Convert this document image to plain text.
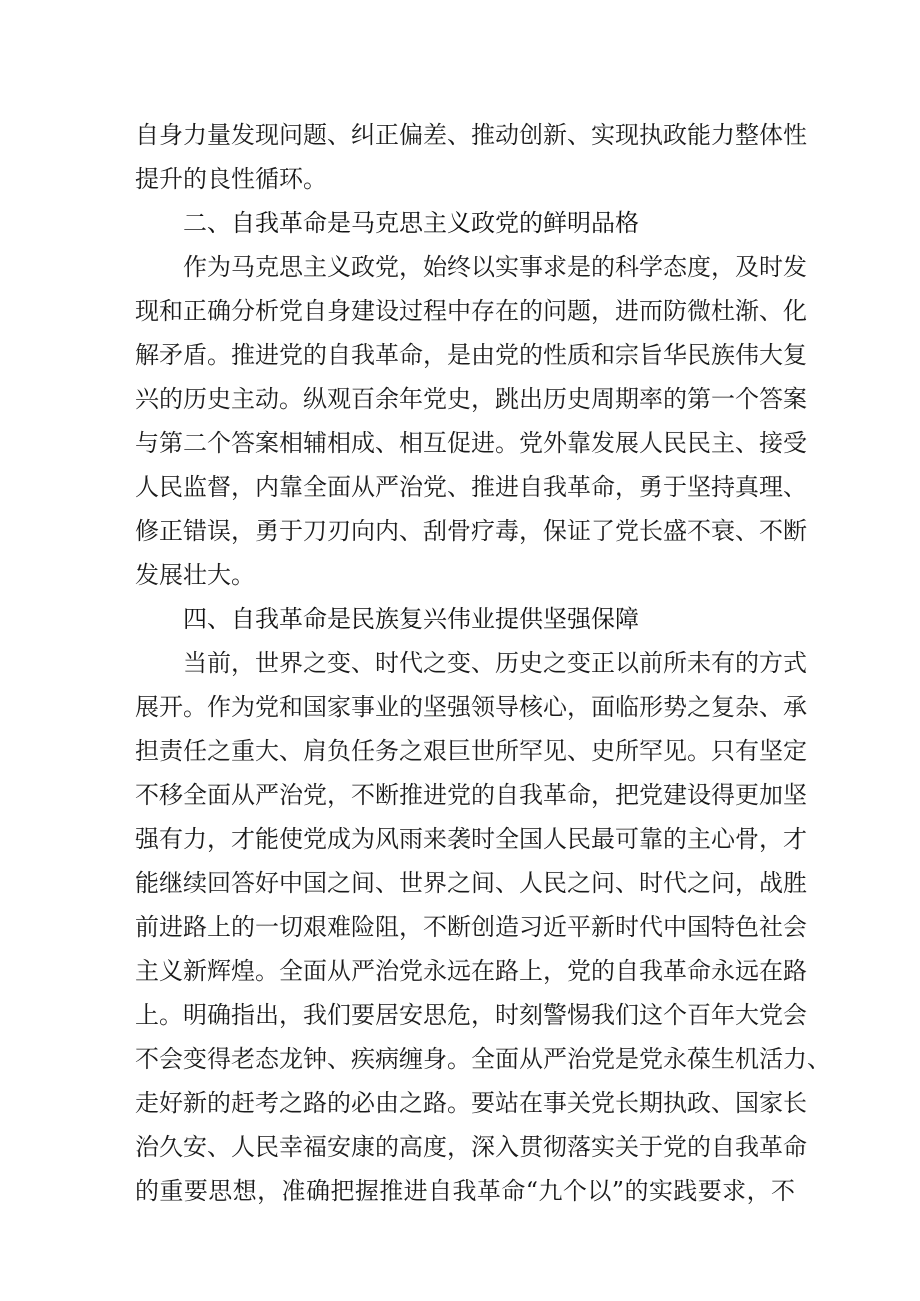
自身力量发现问题、纠正偏差、推动创新、实现执政能力整体性
提升的良性循环。
二、自我革命是马克思主义政党的鲜明品格
作为马克思主义政党，始终以实事求是的科学态度，及时发
现和正确分析党自身建设过程中存在的问题，进而防微杜渐、化
解矛盾。推进党的自我革命，是由党的性质和宗旨华民族伟大复
兴的历史主动。纵观百余年党史，跳出历史周期率的第一个答案
与第二个答案相辅相成、相互促进。党外靠发展人民民主、接受
人民监督，内靠全面从严治党、推进自我革命，勇于坚持真理、
修正错误，勇于刀刃向内、刮骨疗毒，保证了党长盛不衰、不断
发展壮大。
四、自我革命是民族复兴伟业提供坚强保障
当前，世界之变、时代之变、历史之变正以前所未有的方式
展开。作为党和国家事业的坚强领导核心，面临形势之复杂、承
担责任之重大、肩负任务之艰巨世所罕见、史所罕见。只有坚定
不移全面从严治党，不断推进党的自我革命，把党建设得更加坚
强有力，才能使党成为风雨来袭时全国人民最可靠的主心骨，才
能继续回答好中国之间、世界之间、人民之问、时代之问，战胜
前进路上的一切艰难险阻，不断创造习近平新时代中国特色社会
主义新辉煌。全面从严治党永远在路上，党的自我革命永远在路
上。明确指出，我们要居安思危，时刻警惕我们这个百年大党会
不会变得老态龙钟、疾病缠身。全面从严治党是党永葆生机活力、
走好新的赶考之路的必由之路。要站在事关党长期执政、国家长
治久安、人民幸福安康的高度，深入贯彻落实关于党的自我革命
的重要思想，准确把握推进自我革命“九个以”的实践要求，不
